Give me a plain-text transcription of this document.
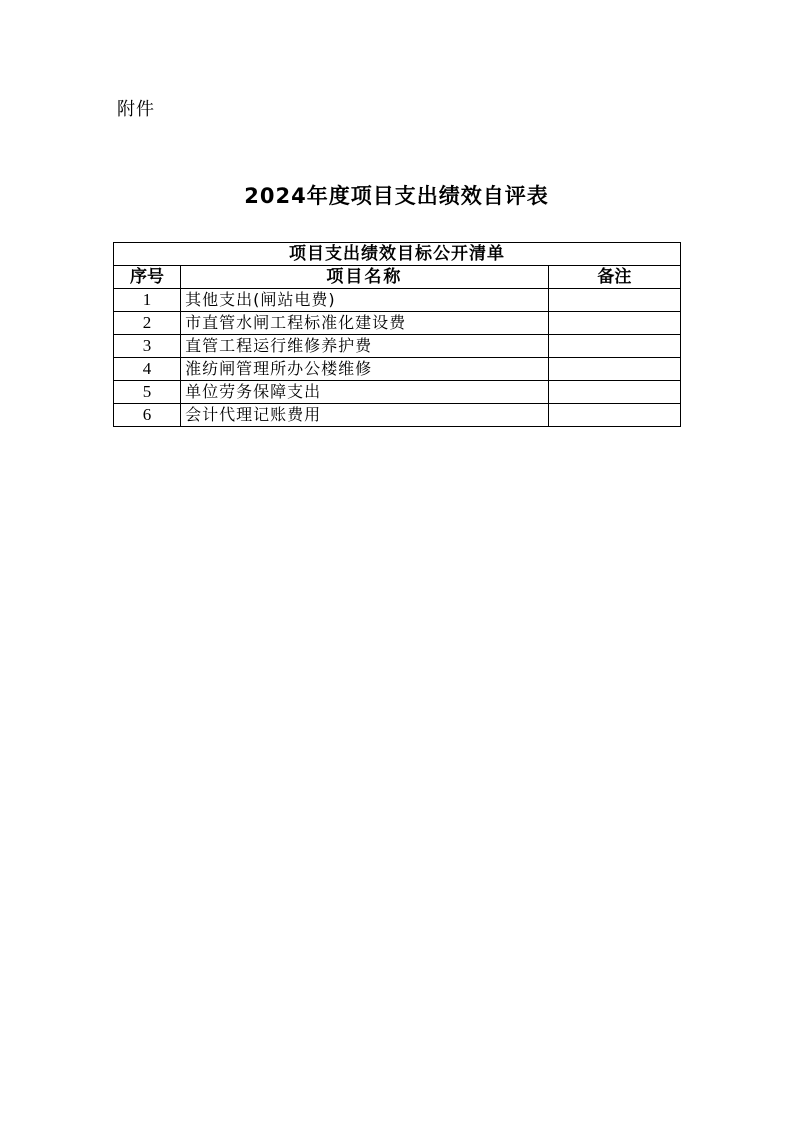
附件
2024年度项目支出绩效自评表
项目支出绩效目标公开清单		
序号	项目名称	备注
1	其他支出(闸站电费)	
2	市直管水闸工程标准化建设费	
3	直管工程运行维修养护费	
4	淮纺闸管理所办公楼维修	
5	单位劳务保障支出	
6	会计代理记账费用	
